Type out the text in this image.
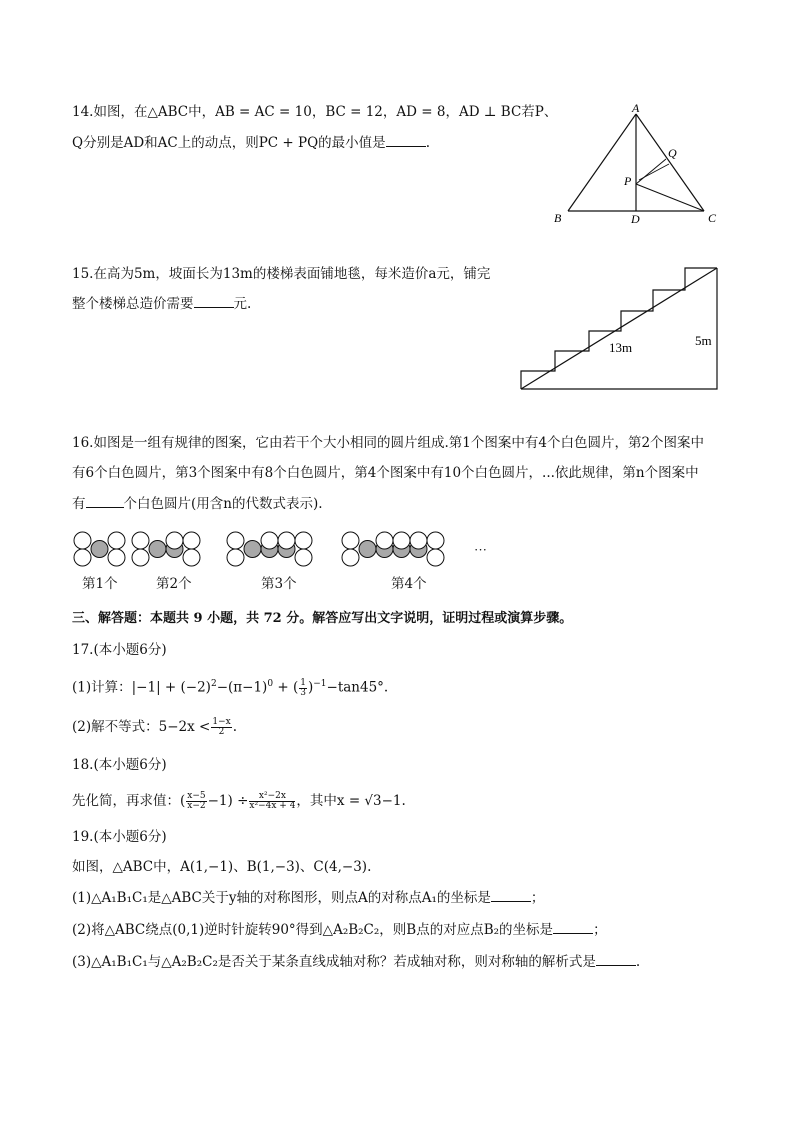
14.如图，在△ABC中，AB = AC = 10，BC = 12，AD = 8，AD ⊥ BC若P、
Q分别是AD和AC上的动点，则PC + PQ的最小值是	.
A
B	C
D
P
Q
15.在高为5m，坡面长为13m的楼梯表面铺地毯，每米造价a元，铺完
整个楼梯总造价需要	元.
13m	5m
16.如图是一组有规律的图案，它由若干个大小相同的圆片组成.第1个图案中有4个白色圆片，第2个图案中
有6个白色圆片，第3个图案中有8个白色圆片，第4个图案中有10个白色圆片，...依此规律，第n个图案中
有	个白色圆片(用含n的代数式表示).
···
第1个	第2个	第3个	第4个
三、解答题：本题共 9 小题，共 72 分。解答应写出文字说明，证明过程或演算步骤。
17.(本小题6分)
(1)计算：$|-1| + (-2)^2-(\pi-1)^0$ + ( $\frac{1}{3} )^{-1}-\tan 45^\circ$.
(2)解不等式：$5-2x < \frac{1-x}{2}$ .
18.(本小题6分)
先化简，再求值：( $\frac{x-5}{x-2} -1) \div \frac{\text{x²−2x}}{\text{x²−4x + 4}}$ ，其中x = √3−1.
19.(本小题6分)
如图，△ABC中，A(1,−1)、B(1,−3)、C(4,−3).
(1)△A₁B₁C₁是△ABC关于y轴的对称图形，则点A的对称点A₁的坐标是	；
(2)将△ABC绕点(0,1)逆时针旋转90°得到△A₂B₂C₂，则B点的对应点B₂的坐标是	；
(3)△A₁B₁C₁与△A₂B₂C₂是否关于某条直线成轴对称？若成轴对称，则对称轴的解析式是	.
